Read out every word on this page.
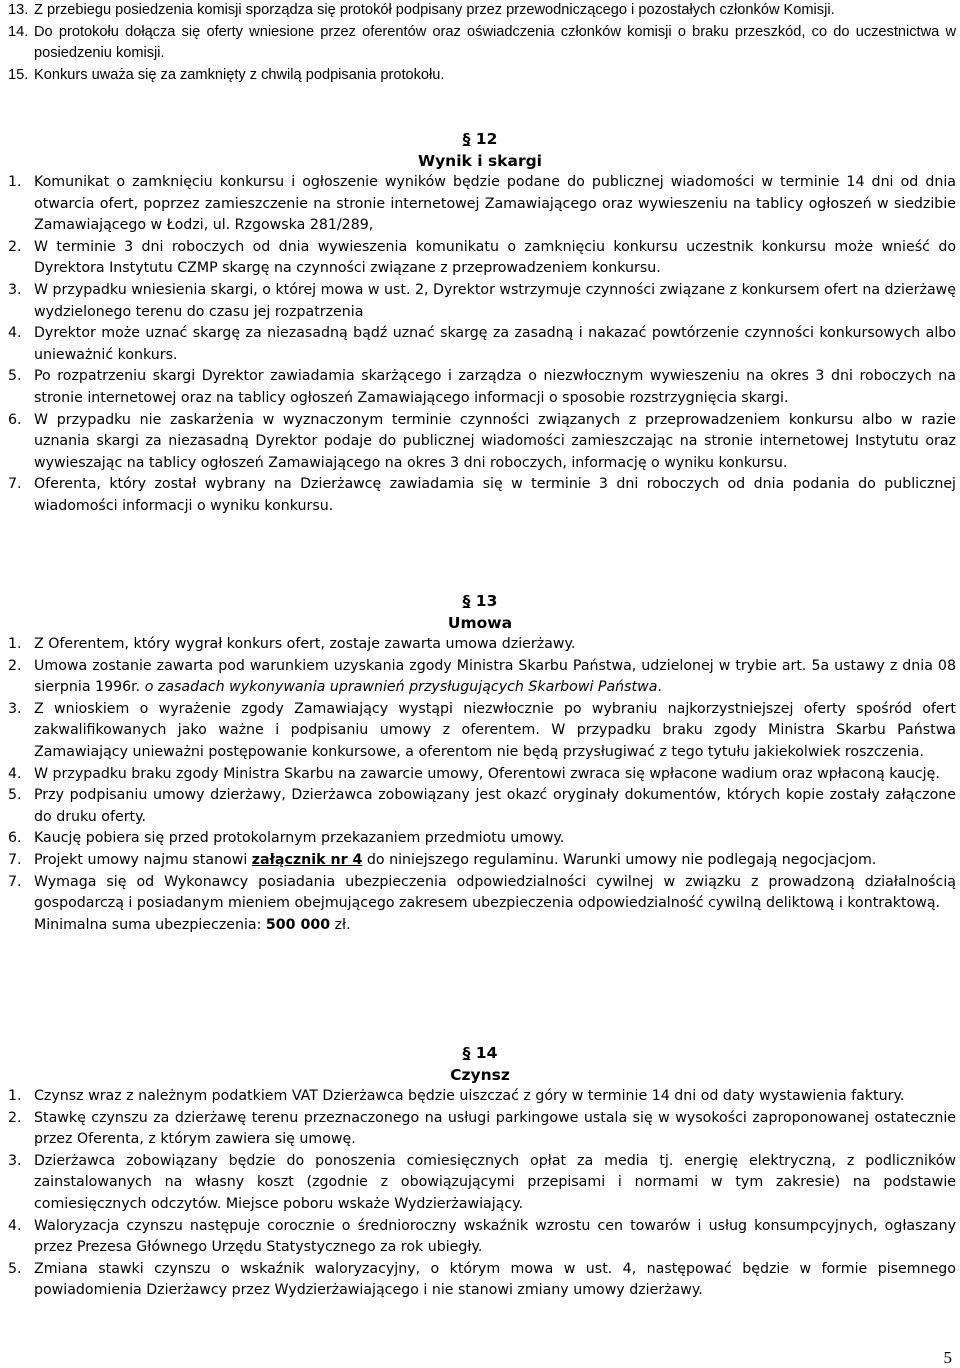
13. Z przebiegu posiedzenia komisji sporządza się protokół podpisany przez przewodniczącego i pozostałych członków Komisji.
14. Do protokołu dołącza się oferty wniesione przez oferentów oraz oświadczenia członków komisji o braku przeszkód, co do uczestnictwa w posiedzeniu komisji.
15. Konkurs uważa się za zamknięty z chwilą podpisania protokołu.
§ 12
Wynik i skargi
1. Komunikat o zamknięciu konkursu i ogłoszenie wyników będzie podane do publicznej wiadomości w terminie 14 dni od dnia otwarcia ofert, poprzez zamieszczenie na stronie internetowej Zamawiającego oraz wywieszeniu na tablicy ogłoszeń w siedzibie Zamawiającego w Łodzi, ul. Rzgowska 281/289,
2. W terminie 3 dni roboczych od dnia wywieszenia komunikatu o zamknięciu konkursu uczestnik konkursu może wnieść do Dyrektora Instytutu CZMP skargę na czynności związane z przeprowadzeniem konkursu.
3. W przypadku wniesienia skargi, o której mowa w ust. 2, Dyrektor wstrzymuje czynności związane z konkursem ofert na dzierżawę wydzielonego terenu do czasu jej rozpatrzenia
4. Dyrektor może uznać skargę za niezasadną bądź uznać skargę za zasadną i nakazać powtórzenie czynności konkursowych albo unieważnić konkurs.
5. Po rozpatrzeniu skargi Dyrektor zawiadamia skarżącego i zarządza o niezwłocznym wywieszeniu na okres 3 dni roboczych na stronie internetowej oraz na tablicy ogłoszeń Zamawiającego informacji o sposobie rozstrzygnięcia skargi.
6. W przypadku nie zaskarżenia w wyznaczonym terminie czynności związanych z przeprowadzeniem konkursu albo w razie uznania skargi za niezasadną Dyrektor podaje do publicznej wiadomości zamieszczając na stronie internetowej Instytutu oraz wywieszając na tablicy ogłoszeń Zamawiającego na okres 3 dni roboczych, informację o wyniku konkursu.
7. Oferenta, który został wybrany na Dzierżawcę zawiadamia się w terminie 3 dni roboczych od dnia podania do publicznej wiadomości informacji o wyniku konkursu.
§ 13
Umowa
1. Z Oferentem, który wygrał konkurs ofert, zostaje zawarta umowa dzierżawy.
2. Umowa zostanie zawarta pod warunkiem uzyskania zgody Ministra Skarbu Państwa, udzielonej w trybie art. 5a ustawy z dnia 08 sierpnia 1996r. o zasadach wykonywania uprawnień przysługujących Skarbowi Państwa.
3. Z wnioskiem o wyrażenie zgody Zamawiający wystąpi niezwłocznie po wybraniu najkorzystniejszej oferty spośród ofert zakwalifikowanych jako ważne i podpisaniu umowy z oferentem. W przypadku braku zgody Ministra Skarbu Państwa Zamawiający unieważni postępowanie konkursowe, a oferentom nie będą przysługiwać z tego tytułu jakiekolwiek roszczenia.
4. W przypadku braku zgody Ministra Skarbu na zawarcie umowy, Oferentowi zwraca się wpłacone wadium oraz wpłaconą kaucję.
5. Przy podpisaniu umowy dzierżawy, Dzierżawca zobowiązany jest okazć oryginały dokumentów, których kopie zostały załączone do druku oferty.
6. Kaucję pobiera się przed protokolarnym przekazaniem przedmiotu umowy.
7. Projekt umowy najmu stanowi załącznik nr 4 do niniejszego regulaminu. Warunki umowy nie podlegają negocjacjom.
7. Wymaga się od Wykonawcy posiadania ubezpieczenia odpowiedzialności cywilnej w związku z prowadzoną działalnością gospodarczą i posiadanym mieniem obejmującego zakresem ubezpieczenia odpowiedzialność cywilną deliktową i kontraktową.
Minimalna suma ubezpieczenia: 500 000 zł.
§ 14
Czynsz
1. Czynsz wraz z należnym podatkiem VAT Dzierżawca będzie uiszczać z góry w terminie 14 dni od daty wystawienia faktury.
2. Stawkę czynszu za dzierżawę terenu przeznaczonego na usługi parkingowe ustala się w wysokości zaproponowanej ostatecznie przez Oferenta, z którym zawiera się umowę.
3. Dzierżawca zobowiązany będzie do ponoszenia comiesięcznych opłat za media tj. energię elektryczną, z podliczników zainstalowanych na własny koszt (zgodnie z obowiązującymi przepisami i normami w tym zakresie) na podstawie comiesięcznych odczytów. Miejsce poboru wskaże Wydzierżawiający.
4. Waloryzacja czynszu następuje corocznie o średnioroczny wskaźnik wzrostu cen towarów i usług konsumpcyjnych, ogłaszany przez Prezesa Głównego Urzędu Statystycznego za rok ubiegły.
5. Zmiana stawki czynszu o wskaźnik waloryzacyjny, o którym mowa w ust. 4, następować będzie w formie pisemnego powiadomienia Dzierżawcy przez Wydzierżawiającego i nie stanowi zmiany umowy dzierżawy.
5
